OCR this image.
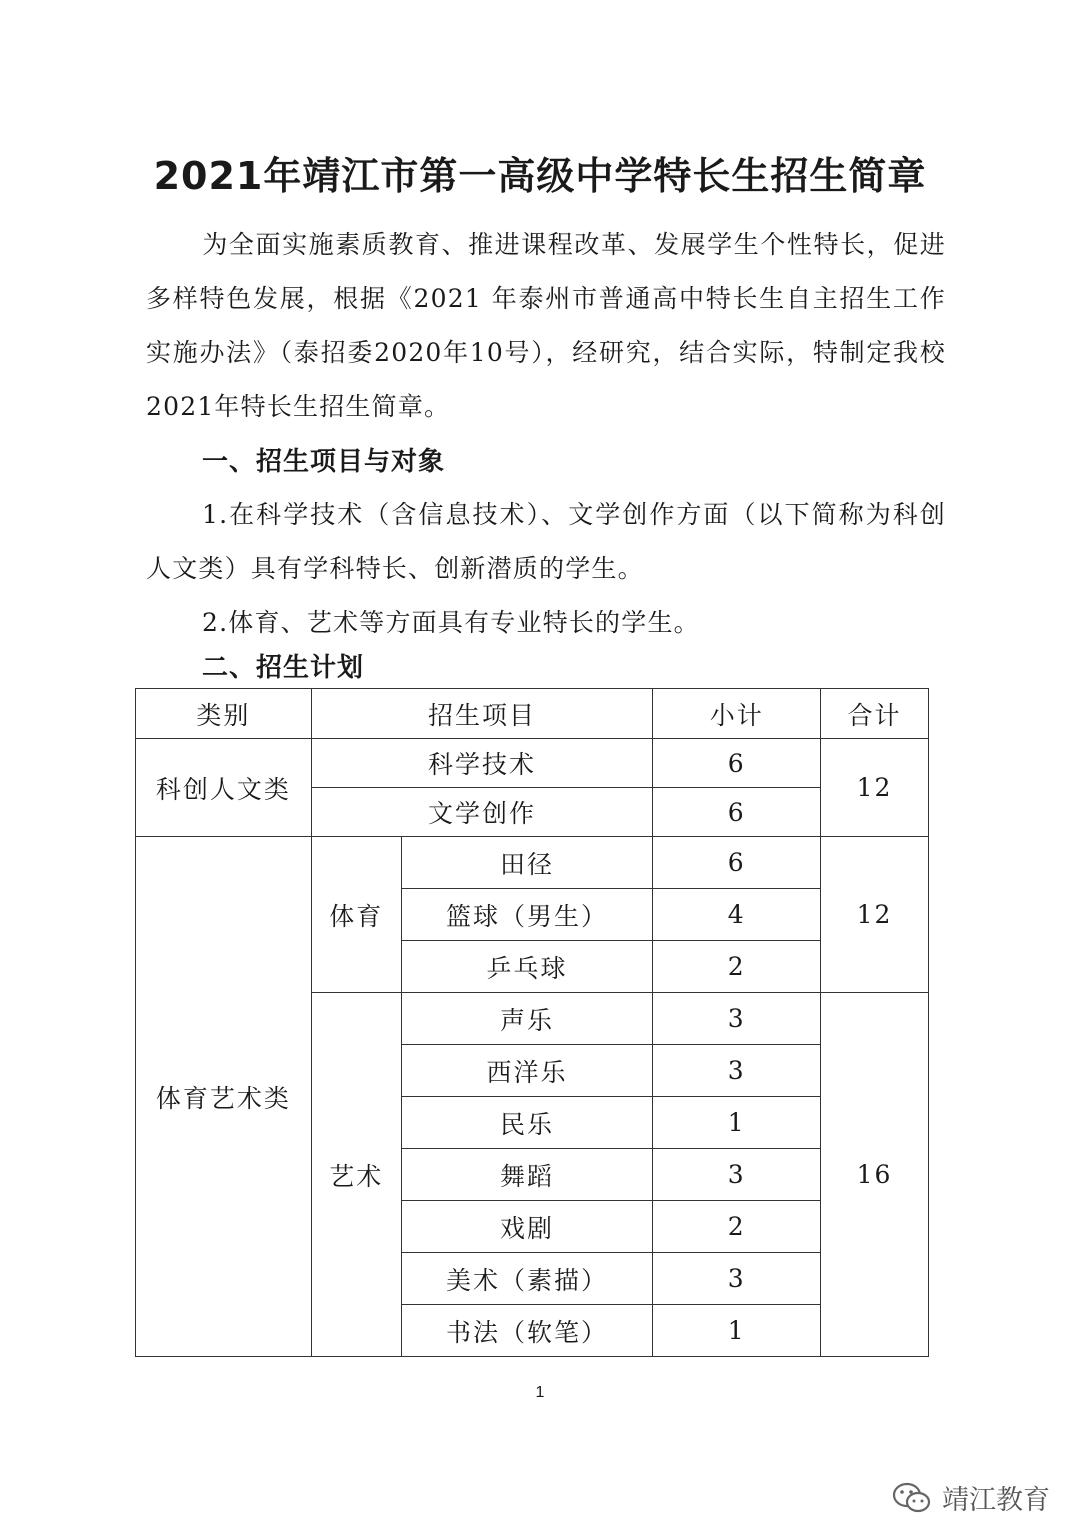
2021年靖江市第一高级中学特长生招生简章
为全面实施素质教育、推进课程改革、发展学生个性特长，促进多样特色发展，根据《2021 年泰州市普通高中特长生自主招生工作实施办法》（泰招委2020年10号），经研究，结合实际，特制定我校2021年特长生招生简章。
一、招生项目与对象
1.在科学技术（含信息技术）、文学创作方面（以下简称为科创人文类）具有学科特长、创新潜质的学生。
2.体育、艺术等方面具有专业特长的学生。
二、招生计划
类别	招生项目		小计	合计
科创人文类	科学技术		6	12
	文学创作		6	
体育艺术类	体育	田径	6	12
		篮球（男生）	4	
		乒乓球	2	
	艺术	声乐	3	16
		西洋乐	3	
		民乐	1	
		舞蹈	3	
		戏剧	2	
		美术（素描）	3	
		书法（软笔）	1	
1
靖江教育
